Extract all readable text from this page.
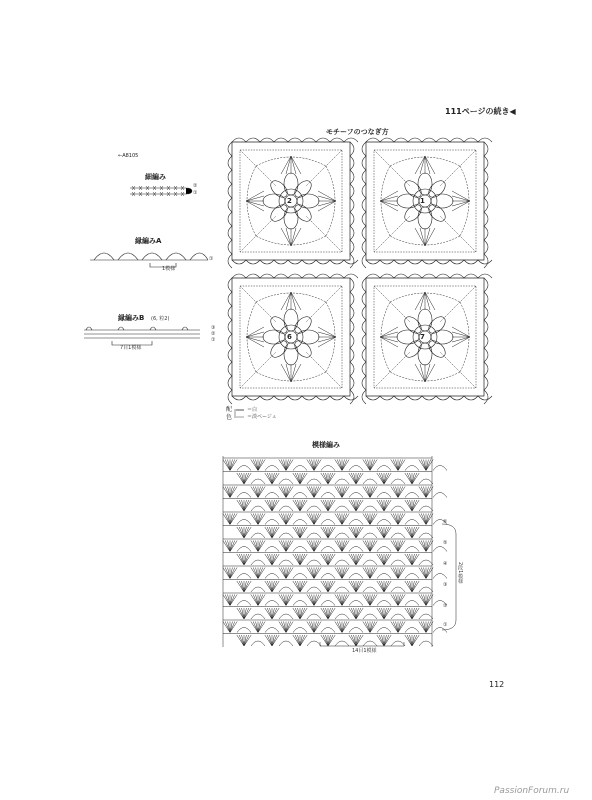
111ページの続き◀
←A8105
細編み
②
①
縁編みA
1模様
①
縁編みB (6, 粒2)
7目1模様
③
②
①
モチーフのつなぎ方
2	1
6	7
配
色
＝白
＝淡ベージュ
模様編み
⑥
⑤
④
③
②
①
2段1模様
14目1模様
112
PassionForum.ru
